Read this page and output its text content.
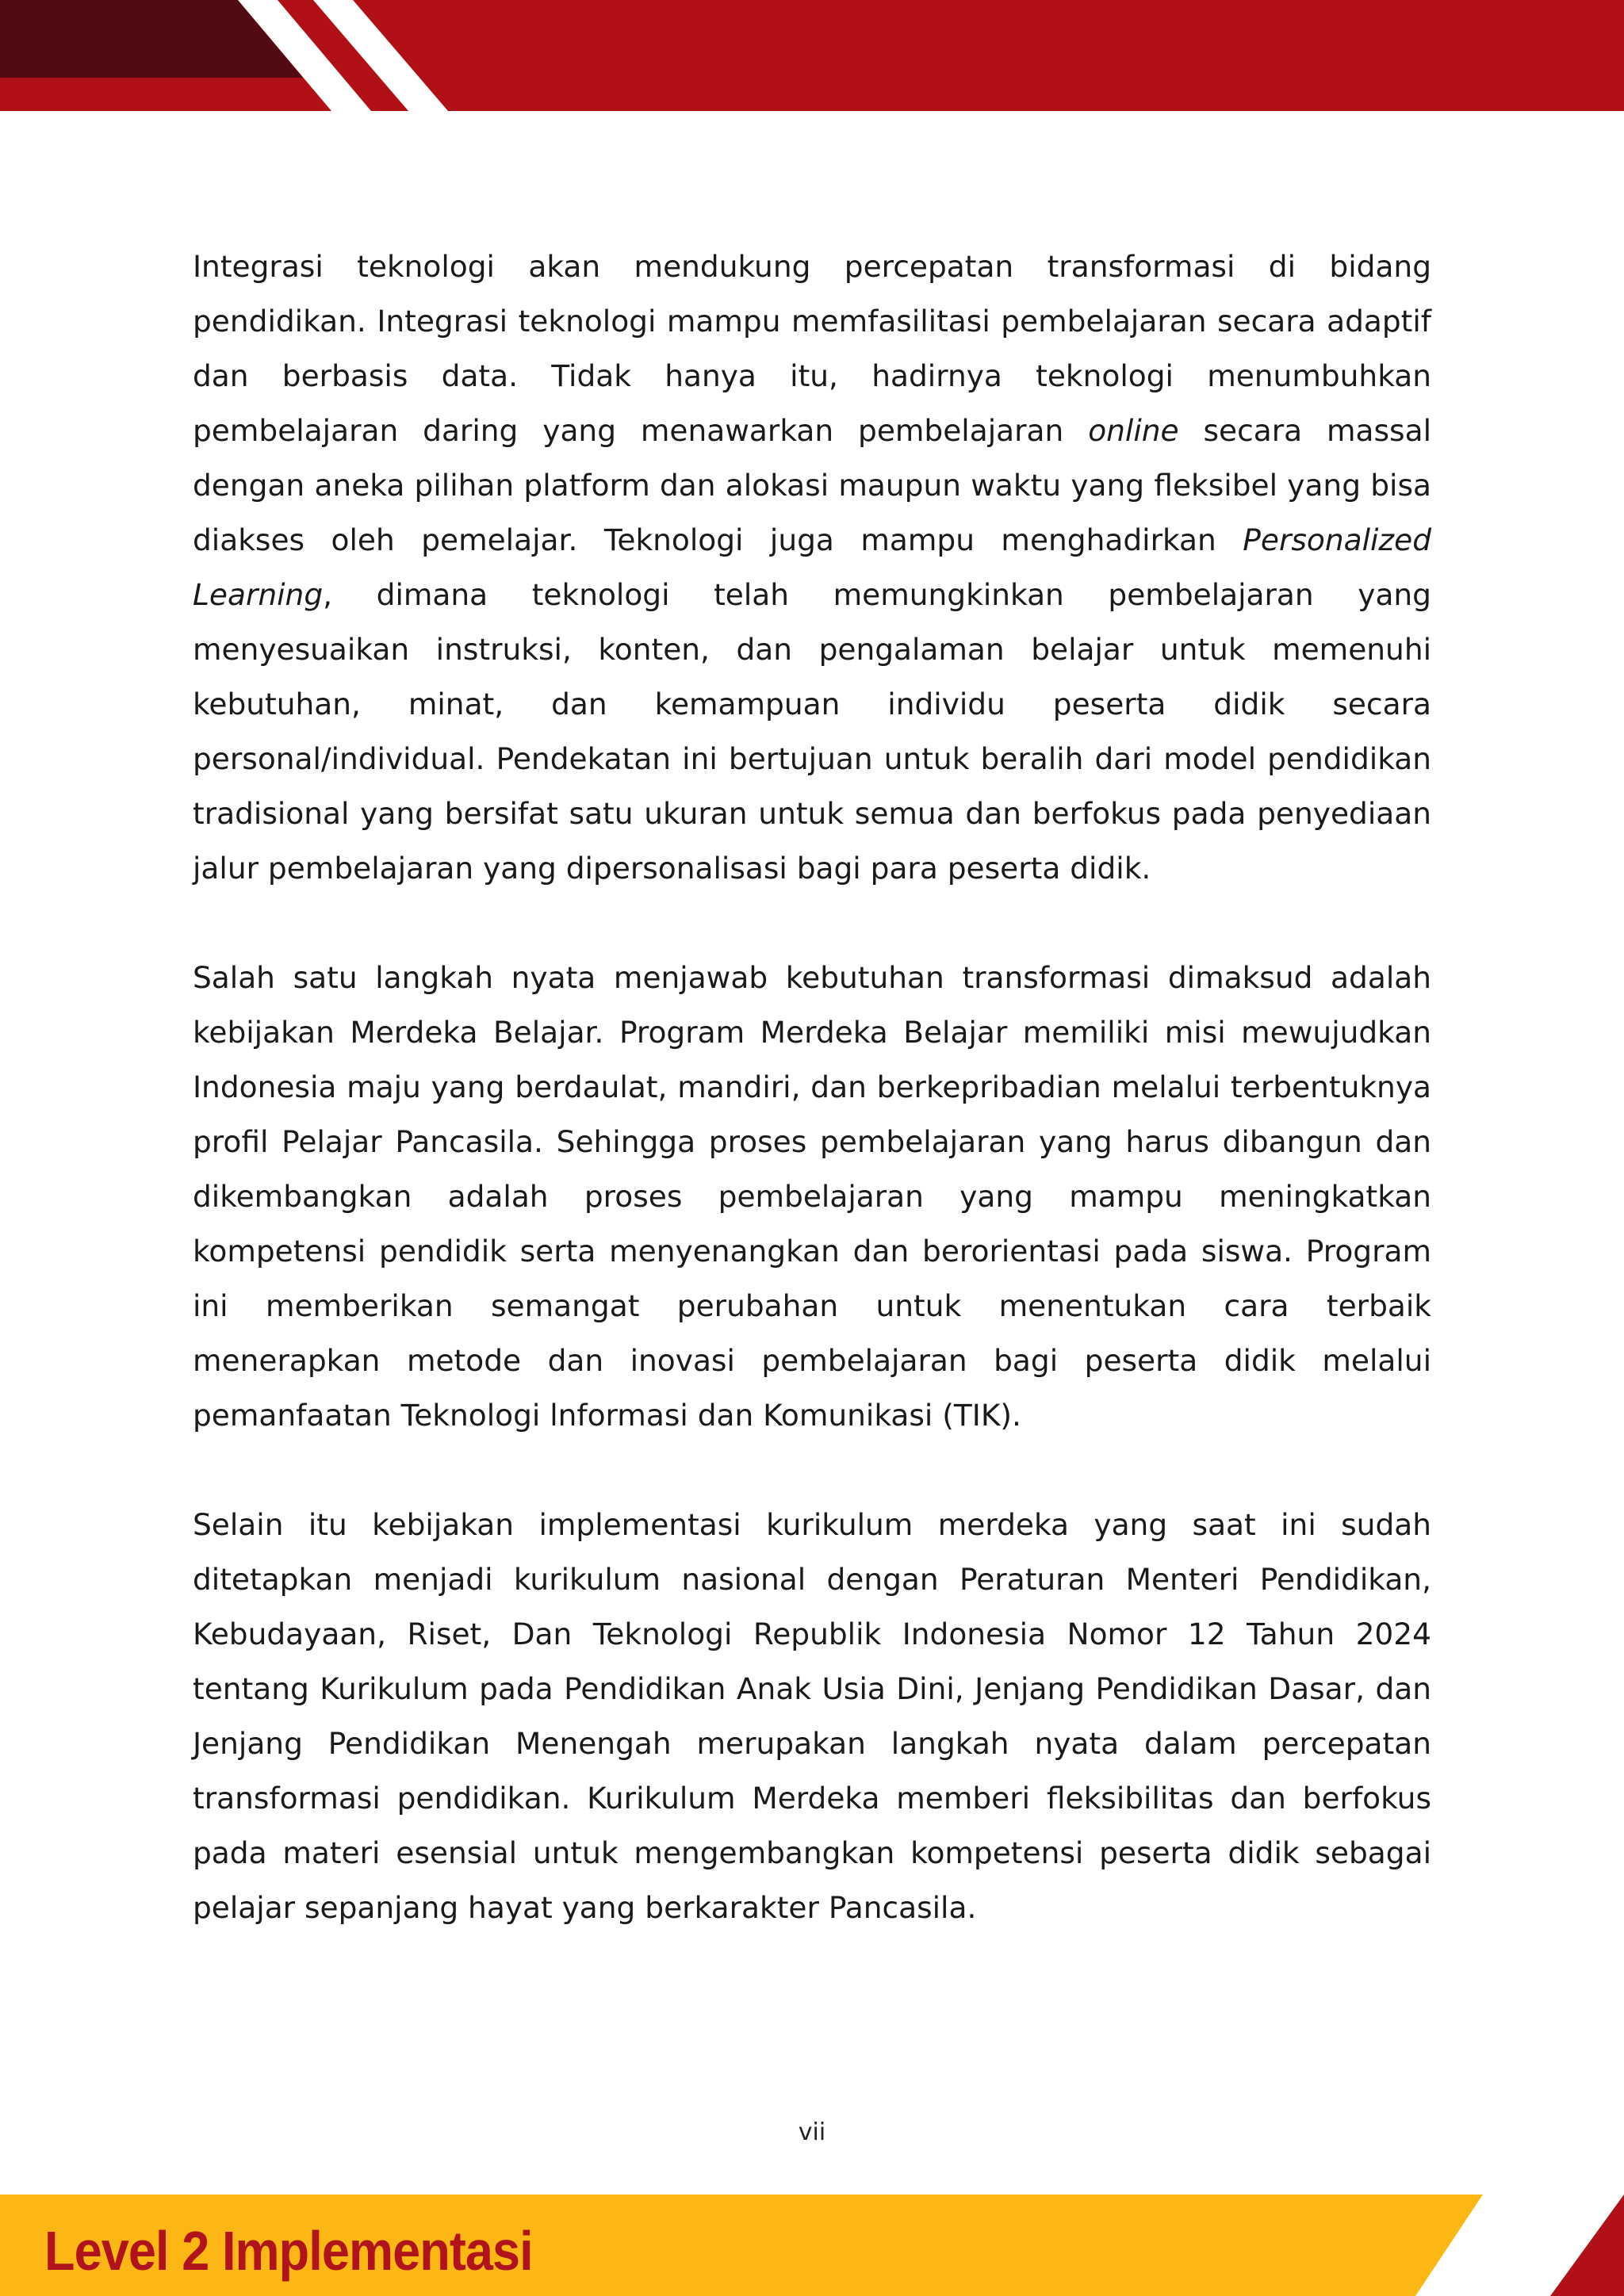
Integrasi teknologi akan mendukung percepatan transformasi di bidang pendidikan. Integrasi teknologi mampu memfasilitasi pembelajaran secara adaptif dan berbasis data. Tidak hanya itu, hadirnya teknologi menumbuhkan pembelajaran daring yang menawarkan pembelajaran online secara massal dengan aneka pilihan platform dan alokasi maupun waktu yang fleksibel yang bisa diakses oleh pemelajar. Teknologi juga mampu menghadirkan Personalized Learning, dimana teknologi telah memungkinkan pembelajaran yang menyesuaikan instruksi, konten, dan pengalaman belajar untuk memenuhi kebutuhan, minat, dan kemampuan individu peserta didik secara personal/individual. Pendekatan ini bertujuan untuk beralih dari model pendidikan tradisional yang bersifat satu ukuran untuk semua dan berfokus pada penyediaan jalur pembelajaran yang dipersonalisasi bagi para peserta didik.

Salah satu langkah nyata menjawab kebutuhan transformasi dimaksud adalah kebijakan Merdeka Belajar. Program Merdeka Belajar memiliki misi mewujudkan Indonesia maju yang berdaulat, mandiri, dan berkepribadian melalui terbentuknya profil Pelajar Pancasila. Sehingga proses pembelajaran yang harus dibangun dan dikembangkan adalah proses pembelajaran yang mampu meningkatkan kompetensi pendidik serta menyenangkan dan berorientasi pada siswa. Program ini memberikan semangat perubahan untuk menentukan cara terbaik menerapkan metode dan inovasi pembelajaran bagi peserta didik melalui pemanfaatan Teknologi lnformasi dan Komunikasi (TIK).

Selain itu kebijakan implementasi kurikulum merdeka yang saat ini sudah ditetapkan menjadi kurikulum nasional dengan Peraturan Menteri Pendidikan, Kebudayaan, Riset, Dan Teknologi Republik Indonesia Nomor 12 Tahun 2024 tentang Kurikulum pada Pendidikan Anak Usia Dini, Jenjang Pendidikan Dasar, dan Jenjang Pendidikan Menengah merupakan langkah nyata dalam percepatan transformasi pendidikan. Kurikulum Merdeka memberi fleksibilitas dan berfokus pada materi esensial untuk mengembangkan kompetensi peserta didik sebagai pelajar sepanjang hayat yang berkarakter Pancasila.

vii
Level 2 Implementasi
